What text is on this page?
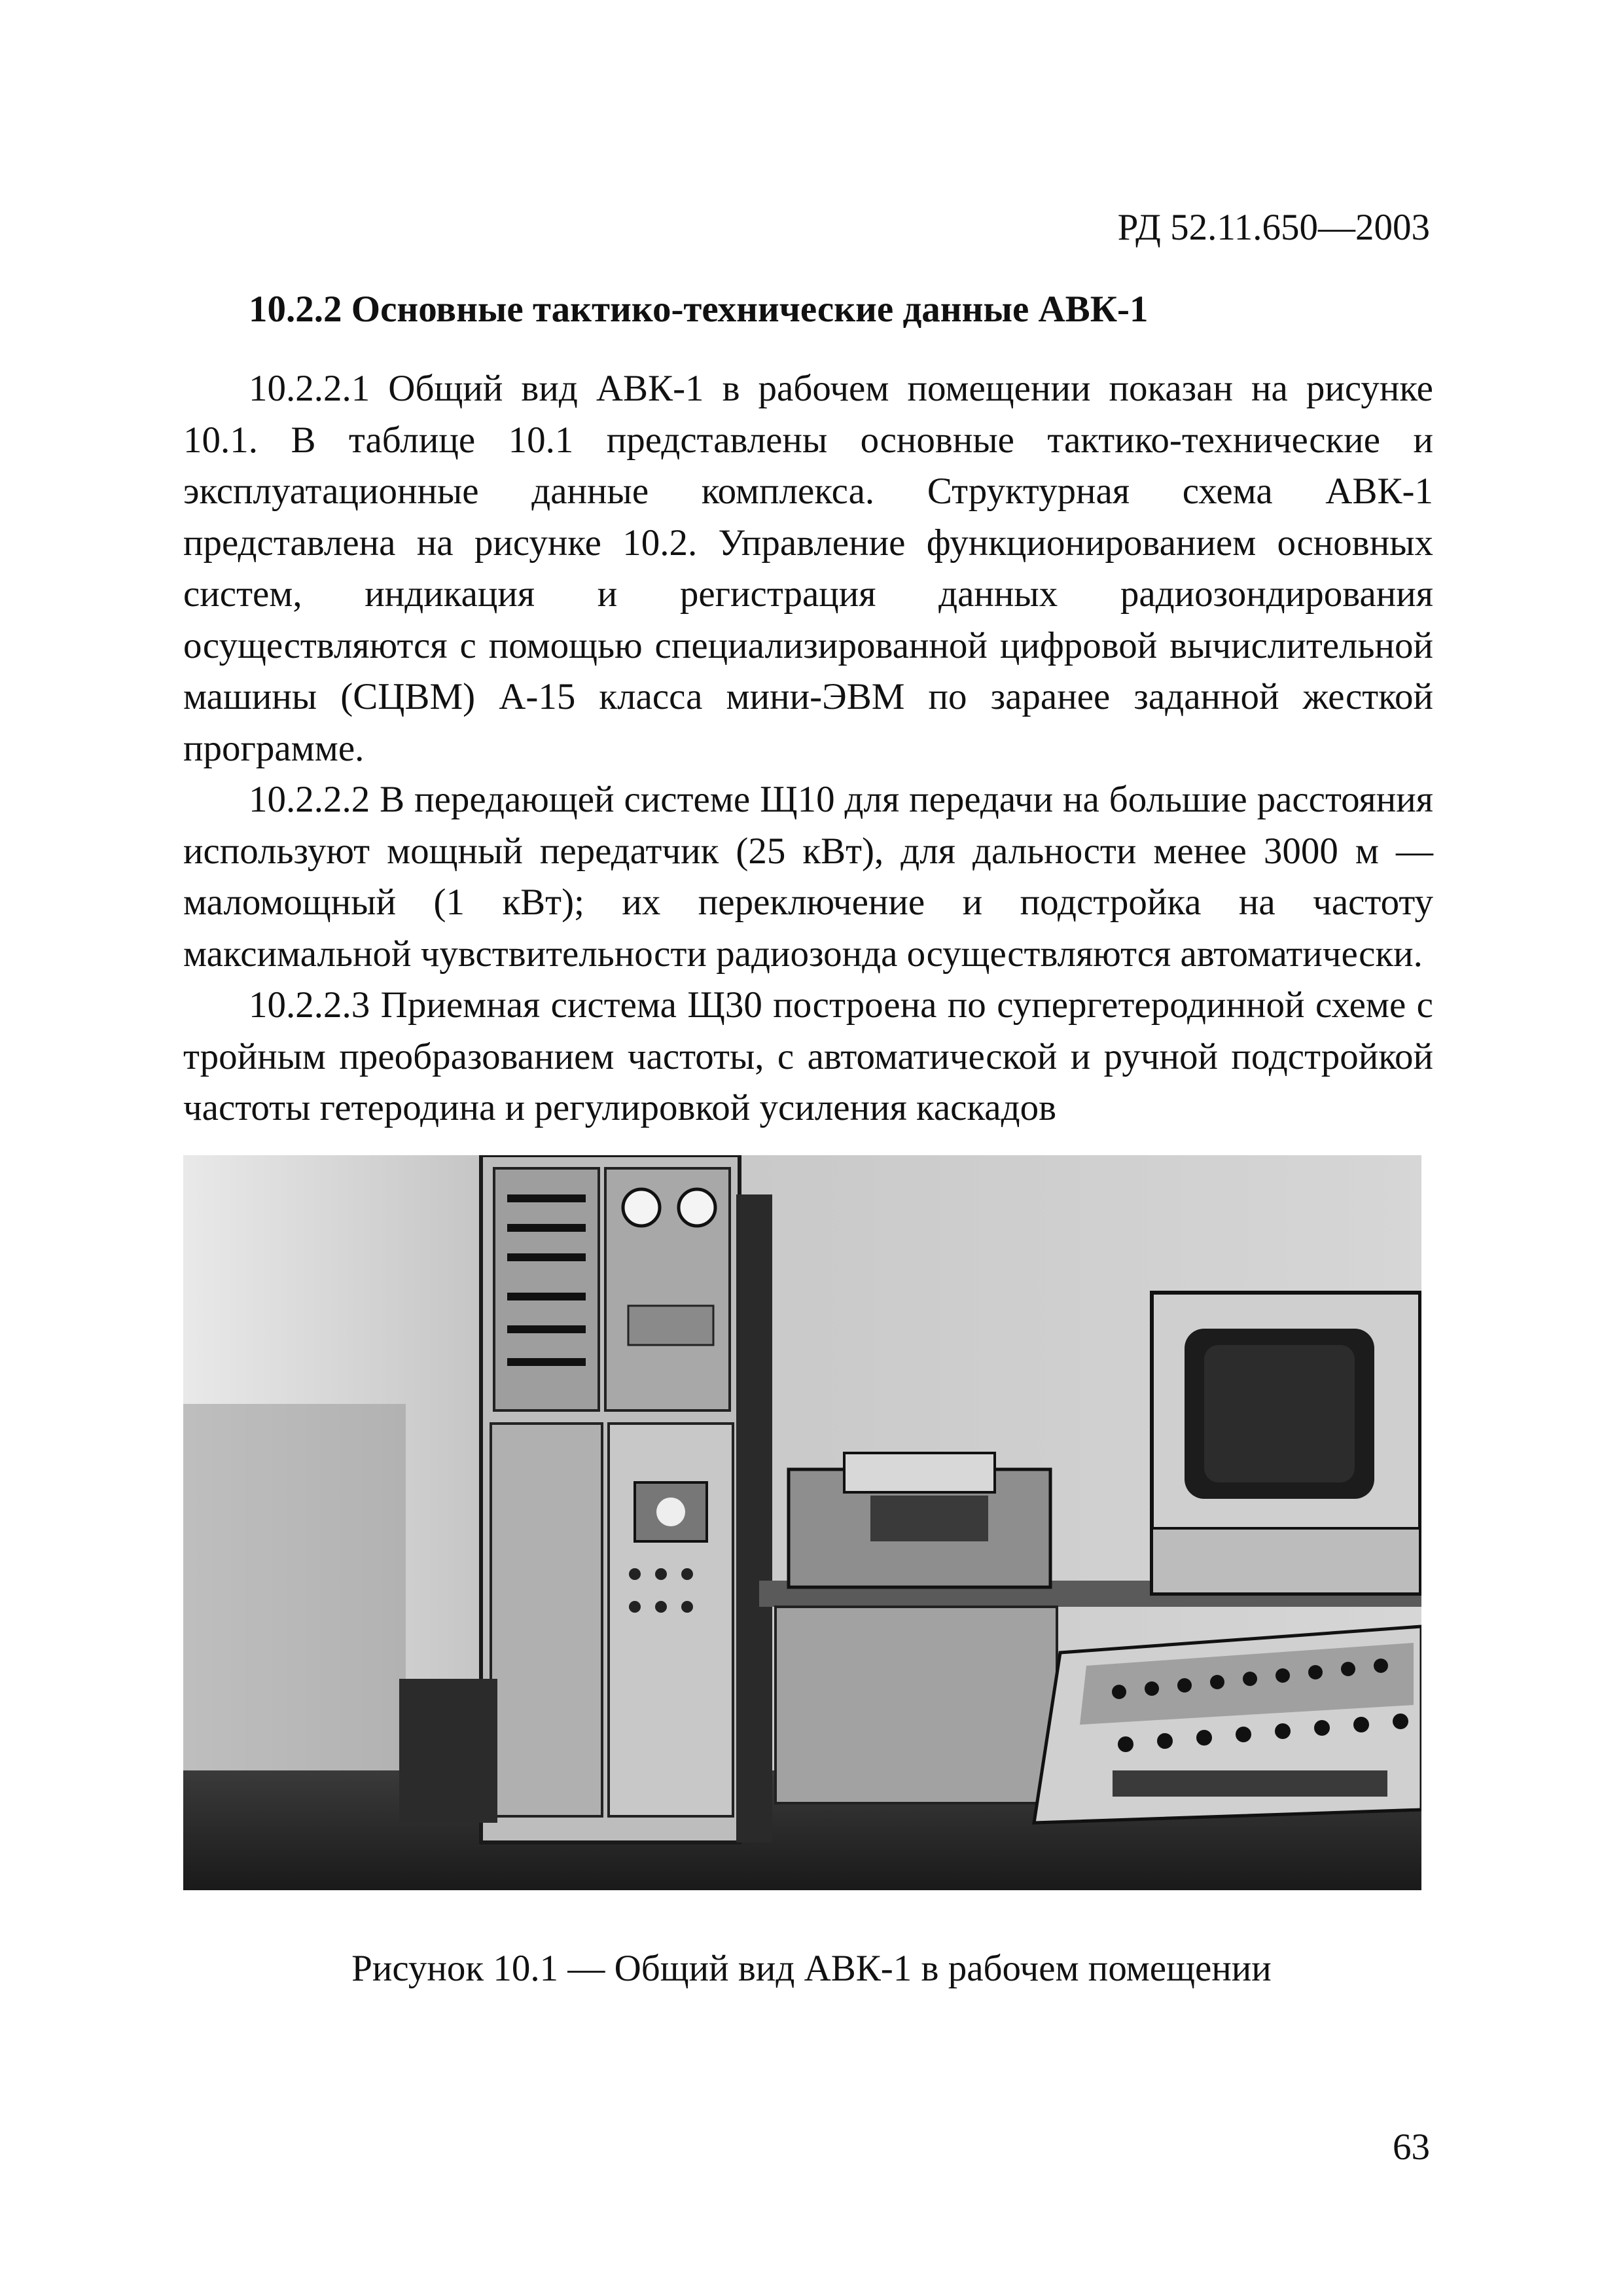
РД 52.11.650—2003
10.2.2 Основные тактико-технические данные АВК-1

10.2.2.1 Общий вид АВК-1 в рабочем помещении показан на рисунке 10.1. В таблице 10.1 представлены основные тактико-технические и эксплуатационные данные комплекса. Структурная схема АВК-1 представлена на рисунке 10.2. Управление функционированием основных систем, индикация и регистрация данных радиозондирования осуществляются с помощью специализированной цифровой вычислительной машины (СЦВМ) А-15 класса мини-ЭВМ по заранее заданной жесткой программе.

10.2.2.2 В передающей системе Щ10 для передачи на большие расстояния используют мощный передатчик (25 кВт), для дальности менее 3000 м — маломощный (1 кВт); их переключение и подстройка на частоту максимальной чувствительности радиозонда осуществляются автоматически.

10.2.2.3 Приемная система Щ30 построена по супергетеродинной схеме с тройным преобразованием частоты, с автоматической и ручной подстройкой частоты гетеродина и регулировкой усиления каскадов

Рисунок 10.1 — Общий вид АВК-1 в рабочем помещении
63
